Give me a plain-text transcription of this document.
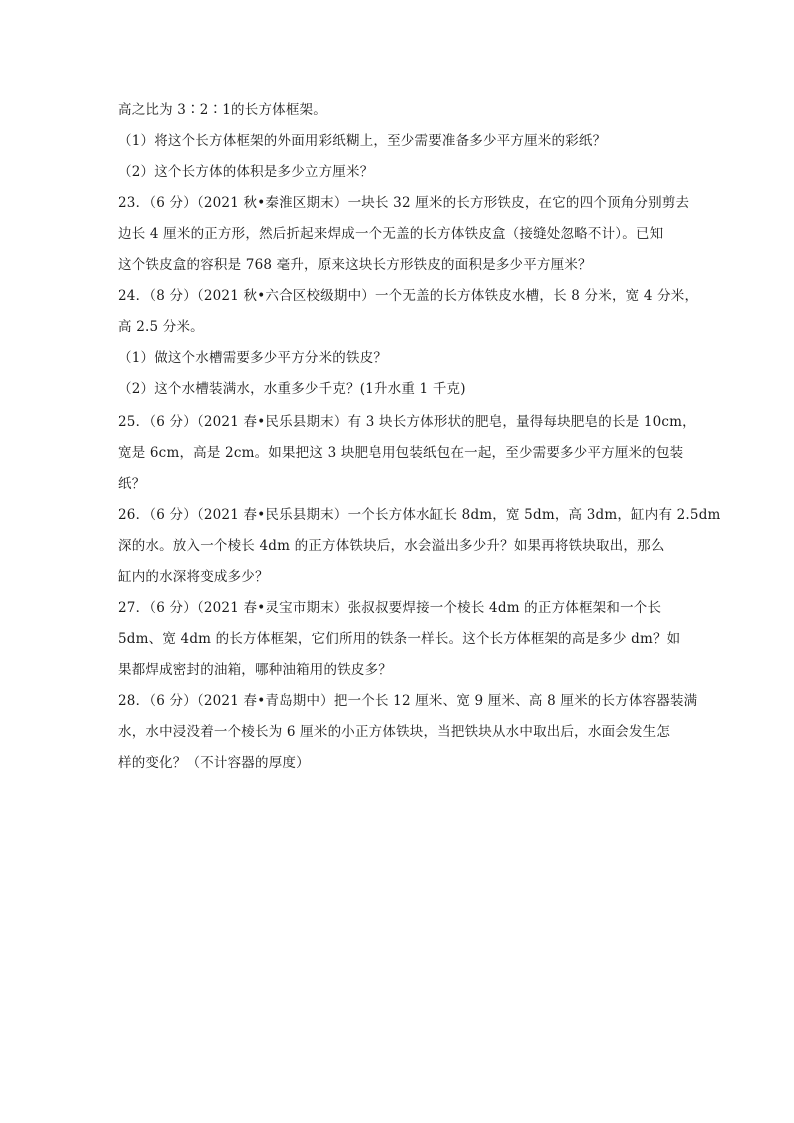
高之比为 3∶2∶1的长方体框架。
（1）将这个长方体框架的外面用彩纸糊上，至少需要准备多少平方厘米的彩纸？
（2）这个长方体的体积是多少立方厘米？
23．（6 分）（2021 秋•秦淮区期末）一块长 32 厘米的长方形铁皮，在它的四个顶角分别剪去
边长 4 厘米的正方形，然后折起来焊成一个无盖的长方体铁皮盒（接缝处忽略不计）。已知
这个铁皮盒的容积是 768 毫升，原来这块长方形铁皮的面积是多少平方厘米？
24．（8 分）（2021 秋•六合区校级期中）一个无盖的长方体铁皮水槽，长 8 分米，宽 4 分米，
高 2.5 分米。
（1）做这个水槽需要多少平方分米的铁皮？
（2）这个水槽装满水，水重多少千克？(1升水重 1 千克)
25．（6 分）（2021 春•民乐县期末）有 3 块长方体形状的肥皂，量得每块肥皂的长是 10cm，
宽是 6cm，高是 2cm。如果把这 3 块肥皂用包装纸包在一起，至少需要多少平方厘米的包装
纸？
26．（6 分）（2021 春•民乐县期末）一个长方体水缸长 8dm，宽 5dm，高 3dm，缸内有 2.5dm
深的水。放入一个棱长 4dm 的正方体铁块后，水会溢出多少升？如果再将铁块取出，那么
缸内的水深将变成多少？
27．（6 分）（2021 春•灵宝市期末）张叔叔要焊接一个棱长 4dm 的正方体框架和一个长
5dm、宽 4dm 的长方体框架，它们所用的铁条一样长。这个长方体框架的高是多少 dm？如
果都焊成密封的油箱，哪种油箱用的铁皮多？
28．（6 分）（2021 春•青岛期中）把一个长 12 厘米、宽 9 厘米、高 8 厘米的长方体容器装满
水，水中浸没着一个棱长为 6 厘米的小正方体铁块，当把铁块从水中取出后，水面会发生怎
样的变化？（不计容器的厚度）
